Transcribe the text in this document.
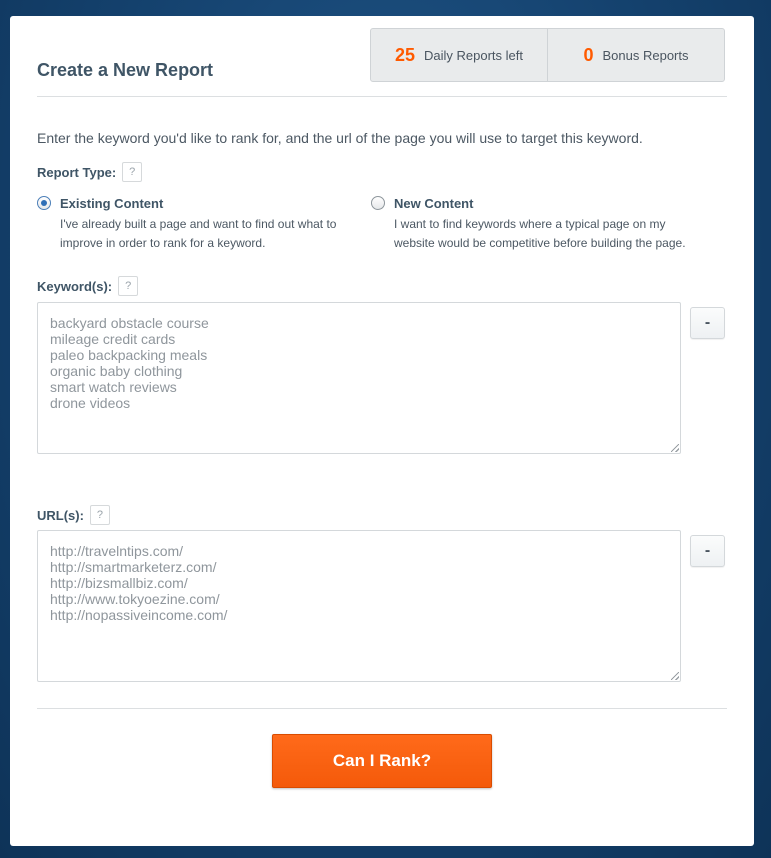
Create a New Report
25 Daily Reports left	0 Bonus Reports
Enter the keyword you'd like to rank for, and the url of the page you will use to target this keyword.
Report Type:	?
Existing Content
I've already built a page and want to find out what to improve in order to rank for a keyword.
New Content
I want to find keywords where a typical page on my website would be competitive before building the page.
Keyword(s):	?
backyard obstacle course
mileage credit cards
paleo backpacking meals
organic baby clothing
smart watch reviews
drone videos
-
URL(s):	?
http://travelntips.com/
http://smartmarketerz.com/
http://bizsmallbiz.com/
http://www.tokyoezine.com/
http://nopassiveincome.com/
-
Can I Rank?
